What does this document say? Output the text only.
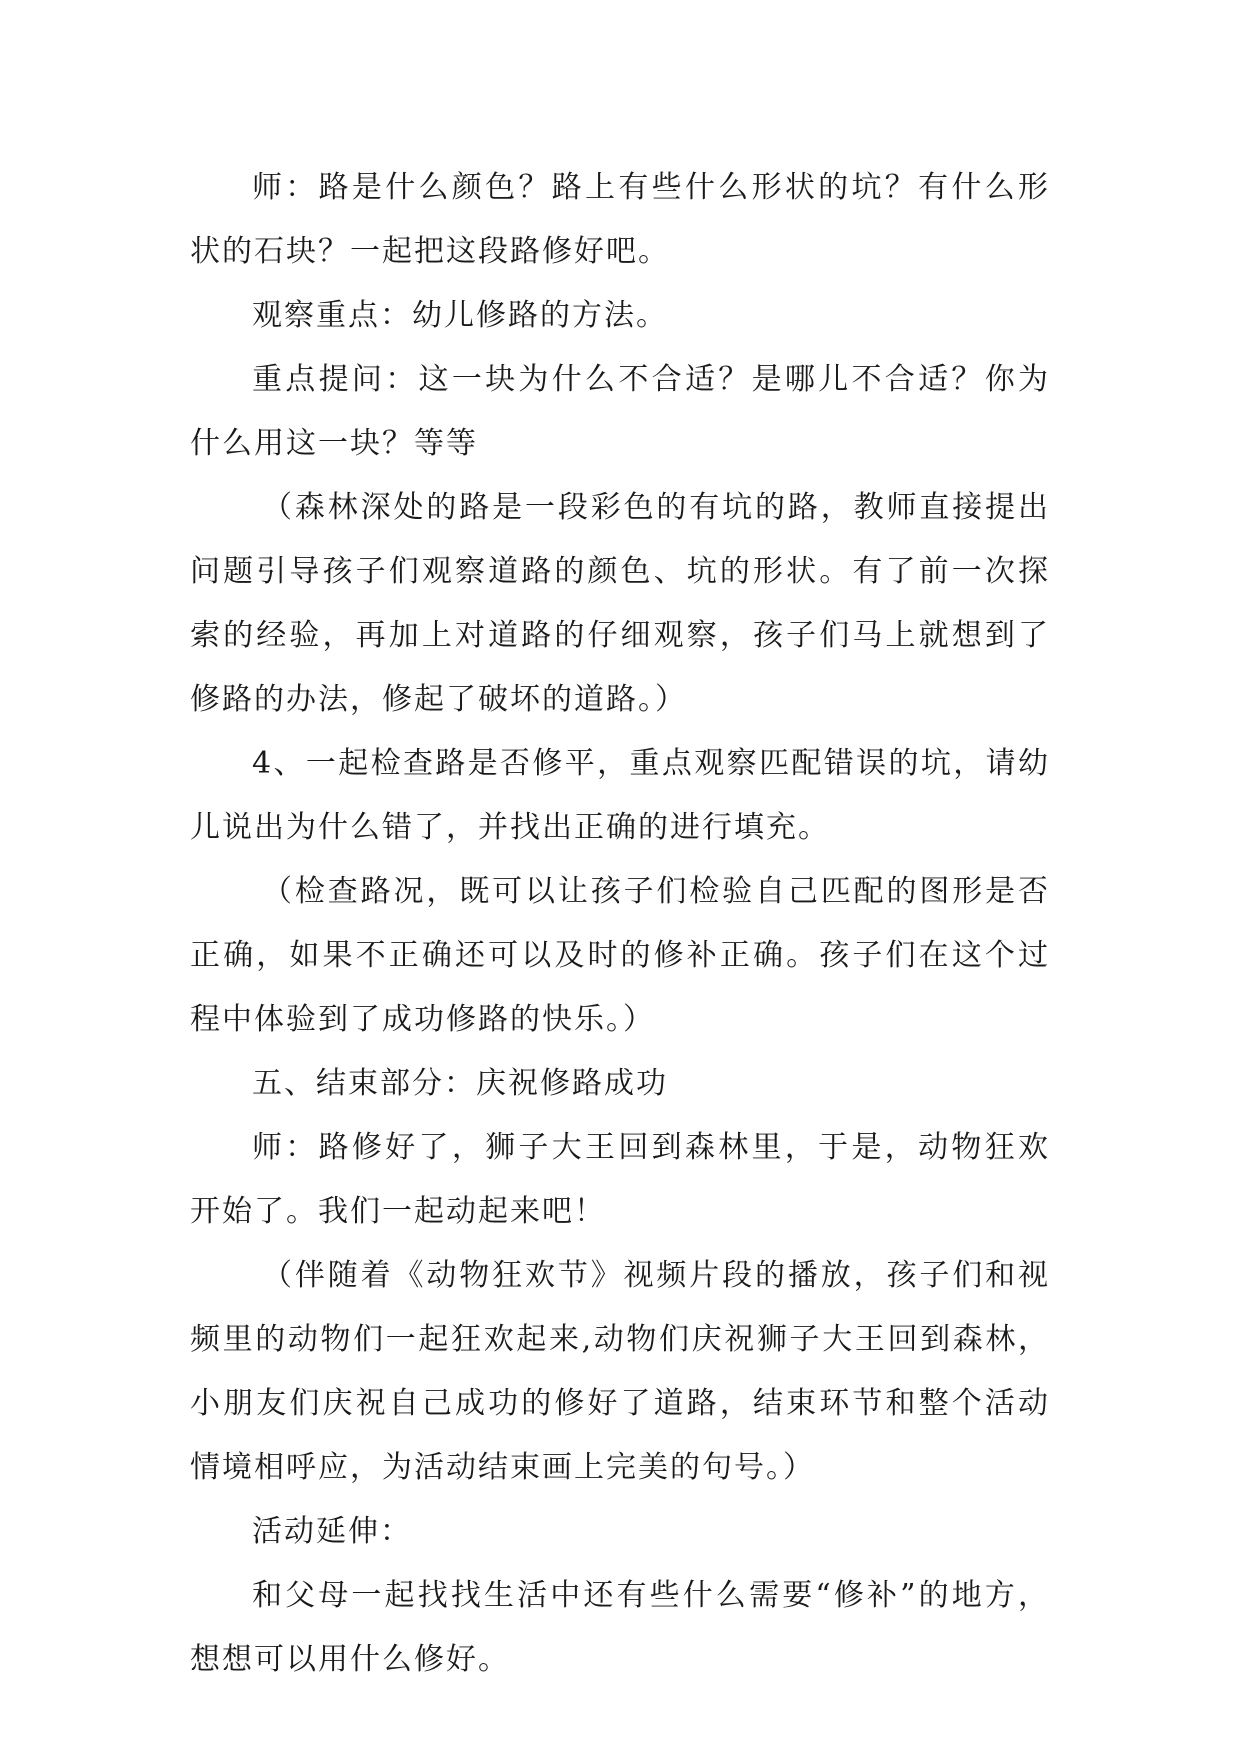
师：路是什么颜色？路上有些什么形状的坑？有什么形状的石块？一起把这段路修好吧。

观察重点：幼儿修路的方法。

重点提问：这一块为什么不合适？是哪儿不合适？你为什么用这一块？等等

（森林深处的路是一段彩色的有坑的路，教师直接提出问题引导孩子们观察道路的颜色、坑的形状。有了前一次探索的经验，再加上对道路的仔细观察，孩子们马上就想到了修路的办法，修起了破坏的道路。）

4、一起检查路是否修平，重点观察匹配错误的坑，请幼儿说出为什么错了，并找出正确的进行填充。

（检查路况，既可以让孩子们检验自己匹配的图形是否正确，如果不正确还可以及时的修补正确。孩子们在这个过程中体验到了成功修路的快乐。）

五、结束部分：庆祝修路成功

师：路修好了，狮子大王回到森林里，于是，动物狂欢开始了。我们一起动起来吧！

（伴随着《动物狂欢节》视频片段的播放，孩子们和视频里的动物们一起狂欢起来,动物们庆祝狮子大王回到森林，小朋友们庆祝自己成功的修好了道路，结束环节和整个活动情境相呼应，为活动结束画上完美的句号。）

活动延伸：

和父母一起找找生活中还有些什么需要“修补”的地方，想想可以用什么修好。
